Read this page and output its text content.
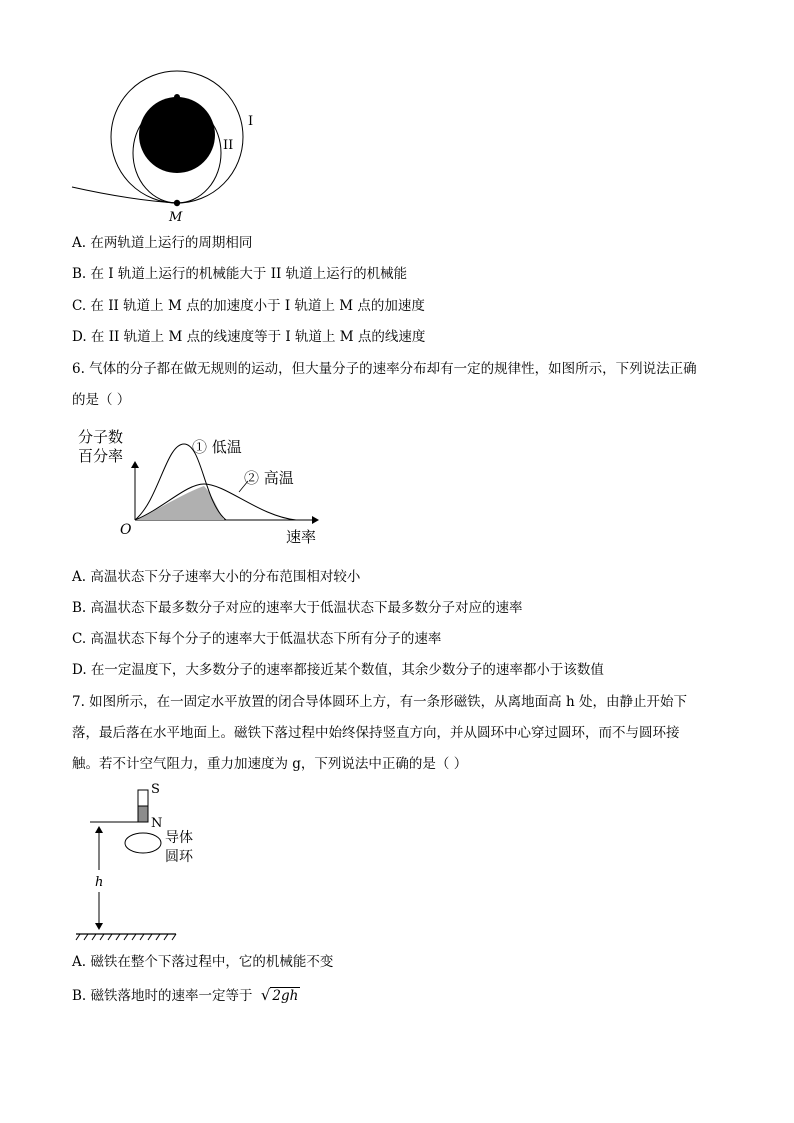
I
II
M
A. 在两轨道上运行的周期相同
B. 在 I 轨道上运行的机械能大于 II 轨道上运行的机械能
C. 在 II 轨道上 M 点的加速度小于 I 轨道上 M 点的加速度
D. 在 II 轨道上 M 点的线速度等于 I 轨道上 M 点的线速度
6. 气体的分子都在做无规则的运动，但大量分子的速率分布却有一定的规律性，如图所示，下列说法正确
的是（ ）
分子数
百分率	① 低温
② 高温
O	速率
A. 高温状态下分子速率大小的分布范围相对较小
B. 高温状态下最多数分子对应的速率大于低温状态下最多数分子对应的速率
C. 高温状态下每个分子的速率大于低温状态下所有分子的速率
D. 在一定温度下，大多数分子的速率都接近某个数值，其余少数分子的速率都小于该数值
7. 如图所示，在一固定水平放置的闭合导体圆环上方，有一条形磁铁，从离地面高 h 处，由静止开始下
落，最后落在水平地面上。磁铁下落过程中始终保持竖直方向，并从圆环中心穿过圆环，而不与圆环接
触。若不计空气阻力，重力加速度为 g，下列说法中正确的是（ ）
S
N
导体
圆环
h
A. 磁铁在整个下落过程中，它的机械能不变
B. 磁铁落地时的速率一定等于 √ 2gh
